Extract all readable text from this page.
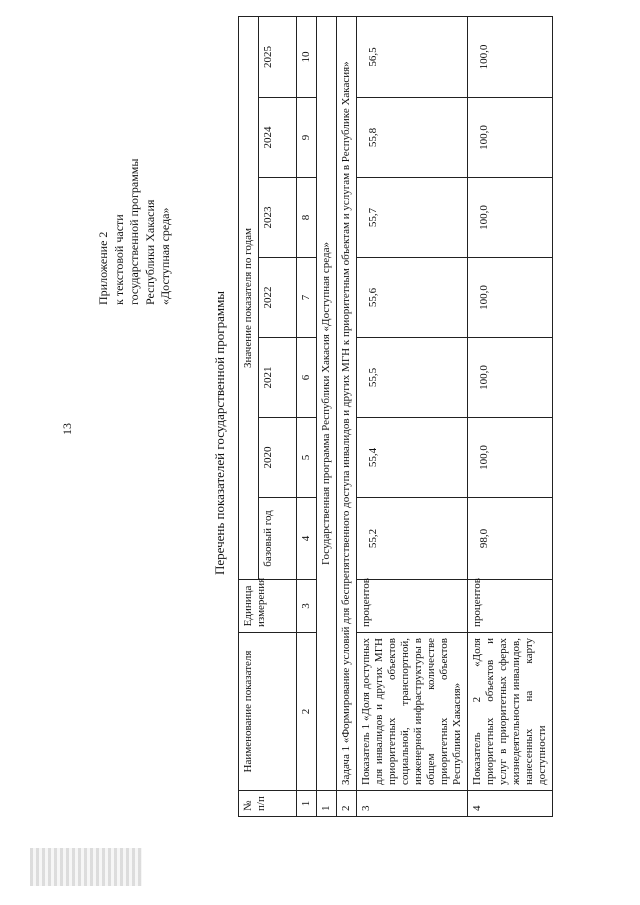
13
Приложение 2 к текстовой части государственной программы Республики Хакасия «Доступная среда»
Перечень показателей государственной программы
№ п/п	Наименование показателя	Единица измерения	Значение показателя по годам						
			базовый год	2020	2021	2022	2023	2024	2025
1	2	3	4	5	6	7	8	9	10
1	Государственная программа Республики Хакасия «Доступная среда»								
2	Задача 1 «Формирование условий для беспрепятственного доступа инвалидов и других МГН к приоритетным объектам и услугам в Республике Хакасия»								
3	Показатель 1 «Доля доступных для инвалидов и других МГН приоритетных объектов социальной, транспортной, инженерной инфраструктуры в общем количестве приоритетных объектов Республики Хакасия»	процентов	55,2	55,4	55,5	55,6	55,7	55,8	56,5
4	Показатель 2 «Доля приоритетных объектов и услуг в приоритетных сферах жизнедеятельности инвалидов, нанесенных на карту доступности	процентов	98,0	100,0	100,0	100,0	100,0	100,0	100,0
